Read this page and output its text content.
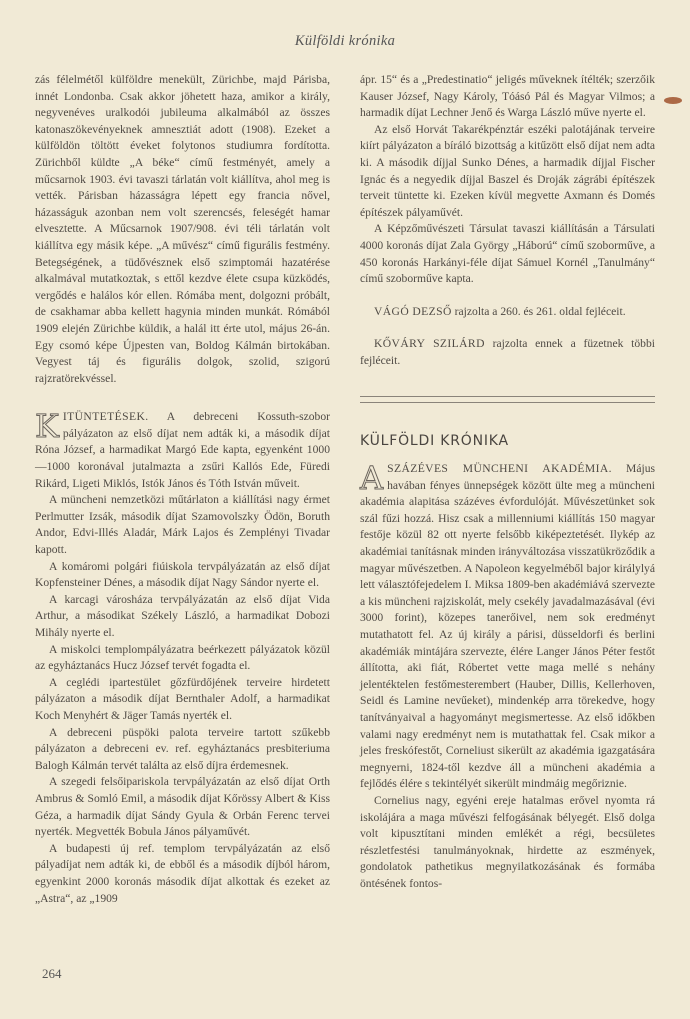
Külföldi krónika

zás félelmétől külföldre menekült, Zürichbe, majd Párisba, innét Londonba. Csak akkor jöhetett haza, amikor a király, negyvenéves uralkodói jubileuma alkalmából az összes katonaszökevényeknek amnesztiát adott (1908). Ezeket a külföldön töltött éveket folytonos studiumra fordította. Zürichből küldte „A béke“ című festményét, amely a műcsarnok 1903. évi tavaszi tárlatán volt kiállítva, ahol meg is vették. Párisban házasságra lépett egy francia nővel, házasságuk azonban nem volt szerencsés, feleségét hamar elvesztette. A Műcsarnok 1907/908. évi téli tárlatán volt kiállítva egy másik képe. „A művész“ című figurális festmény. Betegségének, a tüdővésznek első szimptomái hazatérése alkalmával mutatkoztak, s ettől kezdve élete csupa küzködés, vergődés e halálos kór ellen. Rómába ment, dolgozni próbált, de csakhamar abba kellett hagynia minden munkát. Rómából 1909 elején Zürichbe küldik, a halál itt érte utol, május 26-án. Egy csomó képe Újpesten van, Boldog Kálmán birtokában. Vegyest táj és figurális dolgok, szolid, szigorú rajzratörekvéssel.

KITÜNTETÉSEK. A debreceni Kossuth-szobor pályázaton az első díjat nem adták ki, a második díjat Róna József, a harmadikat Margó Ede kapta, egyenként 1000—1000 koronával jutalmazta a zsűri Kallós Ede, Füredi Rikárd, Ligeti Miklós, Istók János és Tóth István műveit.

A müncheni nemzetközi műtárlaton a kiállítási nagy érmet Perlmutter Izsák, második díjat Szamovolszky Ödön, Boruth Andor, Edvi-Illés Aladár, Márk Lajos és Zemplényi Tivadar kapott.

A komáromi polgári fiúiskola tervpályázatán az első díjat Kopfensteiner Dénes, a második díjat Nagy Sándor nyerte el.

A karcagi városháza tervpályázatán az első díjat Vida Arthur, a másodikat Székely László, a harmadikat Dobozi Mihály nyerte el.

A miskolci templompályázatra beérkezett pályázatok közül az egyháztanács Hucz József tervét fogadta el.

A ceglédi ipartestület gőzfürdőjének terveire hirdetett pályázaton a második díjat Bernthaler Adolf, a harmadikat Koch Menyhért & Jäger Tamás nyerték el.

A debreceni püspöki palota terveire tartott szűkebb pályázaton a debreceni ev. ref. egyháztanács presbiteriuma Balogh Kálmán tervét találta az első díjra érdemesnek.

A szegedi felsőipariskola tervpályázatán az első díjat Orth Ambrus & Somló Emil, a második díjat Kőrössy Albert & Kiss Géza, a harmadik díjat Sándy Gyula & Orbán Ferenc tervei nyerték. Megvették Bobula János pályaművét.

A budapesti új ref. templom tervpályázatán az első pályadíjat nem adták ki, de ebből és a második díjból három, egyenkint 2000 koronás második díjat alkottak és ezeket az „Astra“, az „1909

ápr. 15“ és a „Predestinatio“ jeligés műveknek ítélték; szerzőik Kauser József, Nagy Károly, Tóásó Pál és Magyar Vilmos; a harmadik díjat Lechner Jenő és Warga László műve nyerte el.

Az első Horvát Takarékpénztár eszéki palotájának terveire kiírt pályázaton a bíráló bizottság a kitűzött első díjat nem adta ki. A második díjjal Sunko Dénes, a harmadik díjjal Fischer Ignác és a negyedik díjjal Baszel és Droják zágrábi építészek terveit tüntette ki. Ezeken kívül megvette Axmann és Domés építészek pályaművét.

A Képzőművészeti Társulat tavaszi kiállításán a Társulati 4000 koronás díjat Zala György „Háború“ című szoborműve, a 450 koronás Harkányi-féle díjat Sámuel Kornél „Tanulmány“ című szoborműve kapta.

VÁGÓ DEZSŐ rajzolta a 260. és 261. oldal fejléceit.

KŐVÁRY SZILÁRD rajzolta ennek a füzetnek többi fejléceit.

KÜLFÖLDI KRÓNIKA

A SZÁZÉVES MÜNCHENI AKADÉMIA. Május havában fényes ünnepségek között ülte meg a müncheni akadémia alapitása százéves évfordulóját. Művészetünket sok szál fűzi hozzá. Hisz csak a millenniumi kiállítás 150 magyar festője közül 82 ott nyerte felsőbb kiképeztetését. Ilykép az akadémiai tanításnak minden irányváltozása visszatükröződik a magyar művészetben. A Napoleon kegyelméből bajor királylyá lett választófejedelem I. Miksa 1809-ben akadémiává szervezte a kis müncheni rajziskolát, mely csekély javadalmazásával (évi 3000 forint), közepes tanerőivel, nem sok eredményt mutathatott fel. Az új király a párisi, düsseldorfi és berlini akadémiák mintájára szervezte, élére Langer János Péter festőt állította, aki fiát, Róbertet vette maga mellé s nehány jelentéktelen festőmesterembert (Hauber, Dillis, Kellerhoven, Seidl és Lamine nevűeket), mindenkép arra törekedve, hogy tanítványaival a hagyományt megismertesse. Az első időkben valami nagy eredményt nem is mutathattak fel. Csak mikor a jeles freskófestőt, Corneliust sikerült az akadémia igazgatására megnyerni, 1824-től kezdve áll a müncheni akadémia a fejlődés élére s tekintélyét sikerült mindmáig megőriznie.

Cornelius nagy, egyéni ereje hatalmas erővel nyomta rá iskolájára a maga művészi felfogásának bélyegét. Első dolga volt kipusztítani minden emlékét a régi, becsületes részletfestési tanulmányoknak, hirdette az eszmények, gondolatok pathetikus megnyilatkozásának és formába öntésének fontos-

264
